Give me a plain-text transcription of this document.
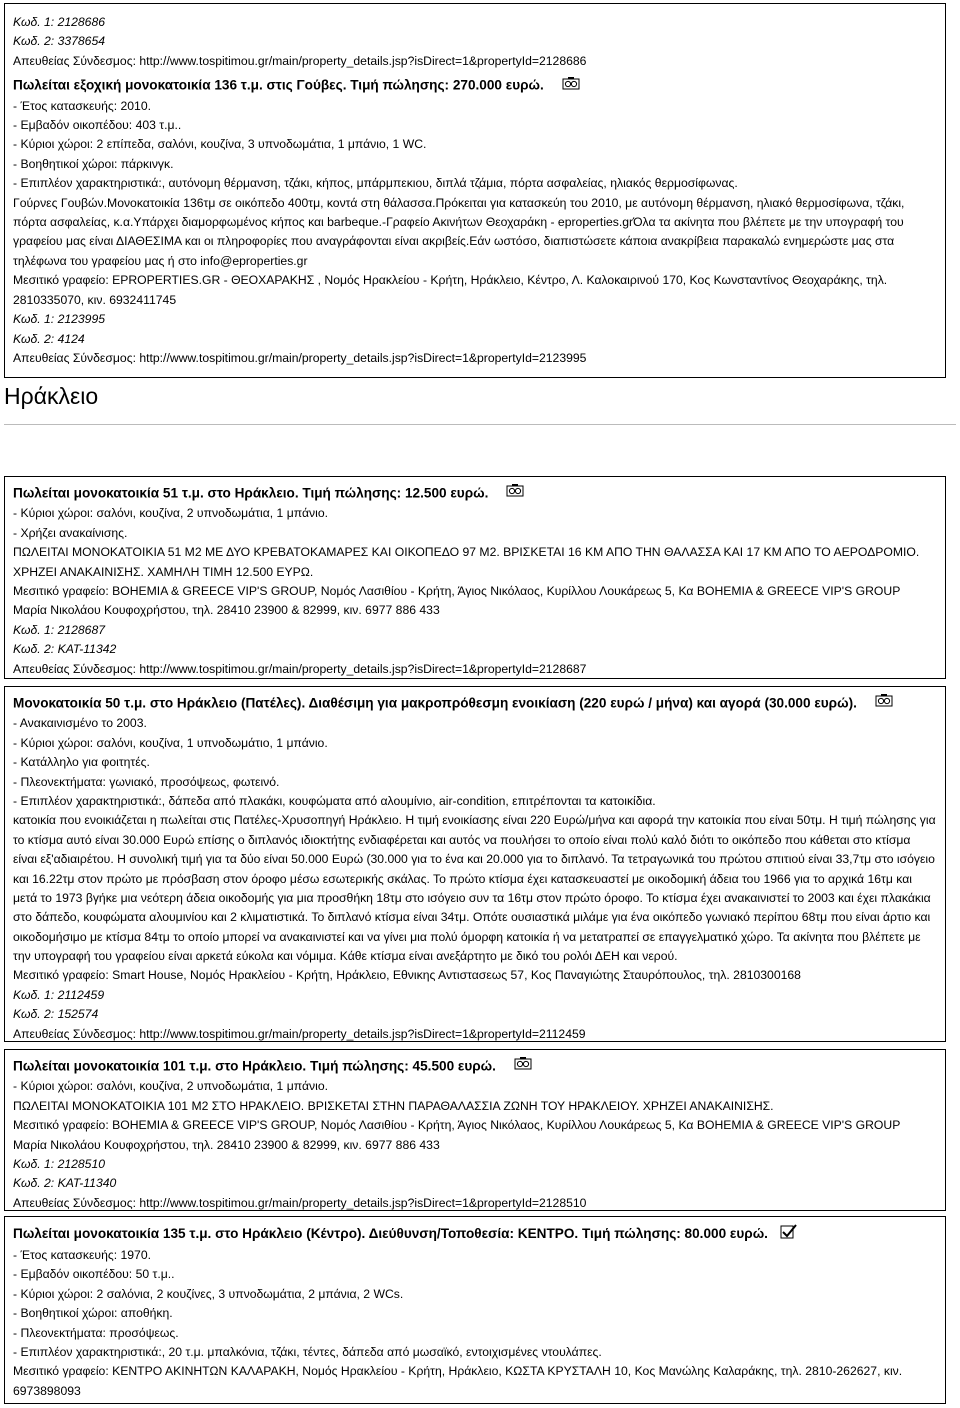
Κωδ. 1: 2128686
Κωδ. 2: 3378654
Απευθείας Σύνδεσμος: http://www.tospitimou.gr/main/property_details.jsp?isDirect=1&propertyId=2128686
Πωλείται εξοχική μονοκατοικία 136 τ.μ. στις Γούβες. Τιμή πώλησης: 270.000 ευρώ.
- Έτος κατασκευής: 2010.
- Εμβαδόν οικοπέδου: 403 τ.μ..
- Κύριοι χώροι: 2 επίπεδα, σαλόνι, κουζίνα, 3 υπνοδωμάτια, 1 μπάνιο, 1 WC.
- Βοηθητικοί χώροι: πάρκινγκ.
- Επιπλέον χαρακτηριστικά:, αυτόνομη θέρμανση, τζάκι, κήπος, μπάρμπεκιου, διπλά τζάμια, πόρτα ασφαλείας, ηλιακός θερμοσίφωνας.
Γούρνες Γουβών.Μονοκατοικία 136τμ σε οικόπεδο 400τμ, κοντά στη θάλασσα.Πρόκειται για κατασκεύη του 2010, με αυτόνομη θέρμανση, ηλιακό θερμοσίφωνα, τζάκι, πόρτα ασφαλείας, κ.α.Υπάρχει διαμορφωμένος κήπος και barbeque.-Γραφείο Ακινήτων Θεοχαράκη - eproperties.grΌλα τα ακίνητα που βλέπετε με την υπογραφή του γραφείου μας είναι ΔΙΑΘΕΣΙΜΑ και οι πληροφορίες που αναγράφονται είναι ακριβείς.Εάν ωστόσο, διαπιστώσετε κάποια ανακρίβεια παρακαλώ ενημερώστε μας στα τηλέφωνα του γραφείου μας ή στο info@eproperties.gr
Μεσιτικό γραφείο: EPROPERTIES.GR - ΘΕΟΧΑΡΑΚΗΣ , Νομός Ηρακλείου - Κρήτη, Ηράκλειο, Κέντρο, Λ. Καλοκαιρινού 170, Κος Κωνσταντίνος Θεοχαράκης, τηλ. 2810335070, κιν. 6932411745
Κωδ. 1: 2123995
Κωδ. 2: 4124
Απευθείας Σύνδεσμος: http://www.tospitimou.gr/main/property_details.jsp?isDirect=1&propertyId=2123995
Ηράκλειο
Πωλείται μονοκατοικία 51 τ.μ. στο Ηράκλειο. Τιμή πώλησης: 12.500 ευρώ.
- Κύριοι χώροι: σαλόνι, κουζίνα, 2 υπνοδωμάτια, 1 μπάνιο.
- Χρήζει ανακαίνισης.
ΠΩΛΕΙΤΑΙ ΜΟΝΟΚΑΤΟΙΚΙΑ 51 Μ2 ΜΕ ΔΥΟ ΚΡΕΒΑΤΟΚΑΜΑΡΕΣ ΚΑΙ ΟΙΚΟΠΕΔΟ 97 Μ2. ΒΡΙΣΚΕΤΑΙ 16 ΚΜ ΑΠΟ ΤΗΝ ΘΑΛΑΣΣΑ ΚΑΙ 17 ΚΜ ΑΠΟ ΤΟ ΑΕΡΟΔΡΟΜΙΟ. ΧΡΗΖΕΙ ΑΝΑΚΑΙΝΙΣΗΣ. ΧΑΜΗΛΗ ΤΙΜΗ 12.500 ΕΥΡΩ.
Μεσιτικό γραφείο: BOHEMIA & GREECE VIP'S GROUP, Νομός Λασιθίου - Κρήτη, Άγιος Νικόλαος, Κυρίλλου Λουκάρεως 5, Κα BOHEMIA & GREECE VIP'S GROUP Μαρία Νικολάου Κουφοχρήστου, τηλ. 28410 23900 & 82999, κιν. 6977 886 433
Κωδ. 1: 2128687
Κωδ. 2: KAT-11342
Απευθείας Σύνδεσμος: http://www.tospitimou.gr/main/property_details.jsp?isDirect=1&propertyId=2128687
Μονοκατοικία 50 τ.μ. στο Ηράκλειο (Πατέλες). Διαθέσιμη για μακροπρόθεσμη ενοικίαση (220 ευρώ / μήνα) και αγορά (30.000 ευρώ).
- Ανακαινισμένο το 2003.
- Κύριοι χώροι: σαλόνι, κουζίνα, 1 υπνοδωμάτιο, 1 μπάνιο.
- Κατάλληλο για φοιτητές.
- Πλεονεκτήματα: γωνιακό, προσόψεως, φωτεινό.
- Επιπλέον χαρακτηριστικά:, δάπεδα από πλακάκι, κουφώματα από αλουμίνιο, air-condition, επιτρέπονται τα κατοικίδια.
κατοικία που ενοικιάζεται η πωλείται στις Πατέλες-Χρυσοπηγή Ηράκλειο. Η τιμή ενοικίασης είναι 220 Ευρώ/μήνα και αφορά την κατοικία που είναι 50τμ. Η τιμή πώλησης για το κτίσμα αυτό είναι 30.000 Ευρώ επίσης ο διπλανός ιδιοκτήτης ενδιαφέρεται και αυτός να πουλήσει το οποίο είναι πολύ καλό διότι το οικόπεδο που κάθεται στο κτίσμα είναι εξ'αδιαιρέτου. Η συνολική τιμή για τα δύο είναι 50.000 Ευρώ (30.000 για το ένα και 20.000 για το διπλανό. Τα τετραγωνικά του πρώτου σπιτιού είναι 33,7τμ στο ισόγειο και 16.22τμ στον πρώτο με πρόσβαση στον όροφο μέσω εσωτερικής σκάλας. Το πρώτο κτίσμα έχει κατασκευαστεί με οικοδομική άδεια του 1966 για το αρχικά 16τμ και μετά το 1973 βγήκε μια νεότερη άδεια οικοδομής για μια προσθήκη 18τμ στο ισόγειο συν τα 16τμ στον πρώτο όροφο. Το κτίσμα έχει ανακαινιστεί το 2003 και έχει πλακάκια στο δάπεδο, κουφώματα αλουμινίου και 2 κλιματιστικά. Το διπλανό κτίσμα είναι 34τμ. Οπότε ουσιαστικά μιλάμε για ένα οικόπεδο γωνιακό περίπου 68τμ που είναι άρτιο και οικοδομήσιμο με κτίσμα 84τμ το οποίο μπορεί να ανακαινιστεί και να γίνει μια πολύ όμορφη κατοικία ή να μετατραπεί σε επαγγελματικό χώρο. Τα ακίνητα που βλέπετε με την υπογραφή του γραφείου είναι αρκετά εύκολα και νόμιμα. Κάθε κτίσμα είναι ανεξάρτητο με δικό του ρολόι ΔΕΗ και νερού.
Μεσιτικό γραφείο: Smart House, Νομός Ηρακλείου - Κρήτη, Ηράκλειο, Εθνικης Αντιστασεως 57, Κος Παναγιώτης Σταυρόπουλος, τηλ. 2810300168
Κωδ. 1: 2112459
Κωδ. 2: 152574
Απευθείας Σύνδεσμος: http://www.tospitimou.gr/main/property_details.jsp?isDirect=1&propertyId=2112459
Πωλείται μονοκατοικία 101 τ.μ. στο Ηράκλειο. Τιμή πώλησης: 45.500 ευρώ.
- Κύριοι χώροι: σαλόνι, κουζίνα, 2 υπνοδωμάτια, 1 μπάνιο.
ΠΩΛΕΙΤΑΙ ΜΟΝΟΚΑΤΟΙΚΙΑ 101 Μ2 ΣΤΟ ΗΡΑΚΛΕΙΟ. ΒΡΙΣΚΕΤΑΙ ΣΤΗΝ ΠΑΡΑΘΑΛΑΣΣΙΑ ΖΩΝΗ ΤΟΥ ΗΡΑΚΛΕΙΟΥ. ΧΡΗΖΕΙ ΑΝΑΚΑΙΝΙΣΗΣ.
Μεσιτικό γραφείο: BOHEMIA & GREECE VIP'S GROUP, Νομός Λασιθίου - Κρήτη, Άγιος Νικόλαος, Κυρίλλου Λουκάρεως 5, Κα BOHEMIA & GREECE VIP'S GROUP Μαρία Νικολάου Κουφοχρήστου, τηλ. 28410 23900 & 82999, κιν. 6977 886 433
Κωδ. 1: 2128510
Κωδ. 2: KAT-11340
Απευθείας Σύνδεσμος: http://www.tospitimou.gr/main/property_details.jsp?isDirect=1&propertyId=2128510
Πωλείται μονοκατοικία 135 τ.μ. στο Ηράκλειο (Κέντρο). Διεύθυνση/Τοποθεσία: ΚΕΝΤΡΟ. Τιμή πώλησης: 80.000 ευρώ.
- Έτος κατασκευής: 1970.
- Εμβαδόν οικοπέδου: 50 τ.μ..
- Κύριοι χώροι: 2 σαλόνια, 2 κουζίνες, 3 υπνοδωμάτια, 2 μπάνια, 2 WCs.
- Βοηθητικοί χώροι: αποθήκη.
- Πλεονεκτήματα: προσόψεως.
- Επιπλέον χαρακτηριστικά:, 20 τ.μ. μπαλκόνια, τζάκι, τέντες, δάπεδα από μωσαϊκό, εντοιχισμένες ντουλάπες.
Μεσιτικό γραφείο: ΚΕΝΤΡΟ ΑΚΙΝΗΤΩΝ ΚΑΛΑΡΑΚΗ, Νομός Ηρακλείου - Κρήτη, Ηράκλειο, ΚΩΣΤΑ ΚΡΥΣΤΑΛΗ 10, Κος Μανώλης Καλαράκης, τηλ. 2810-262627, κιν. 6973898093
